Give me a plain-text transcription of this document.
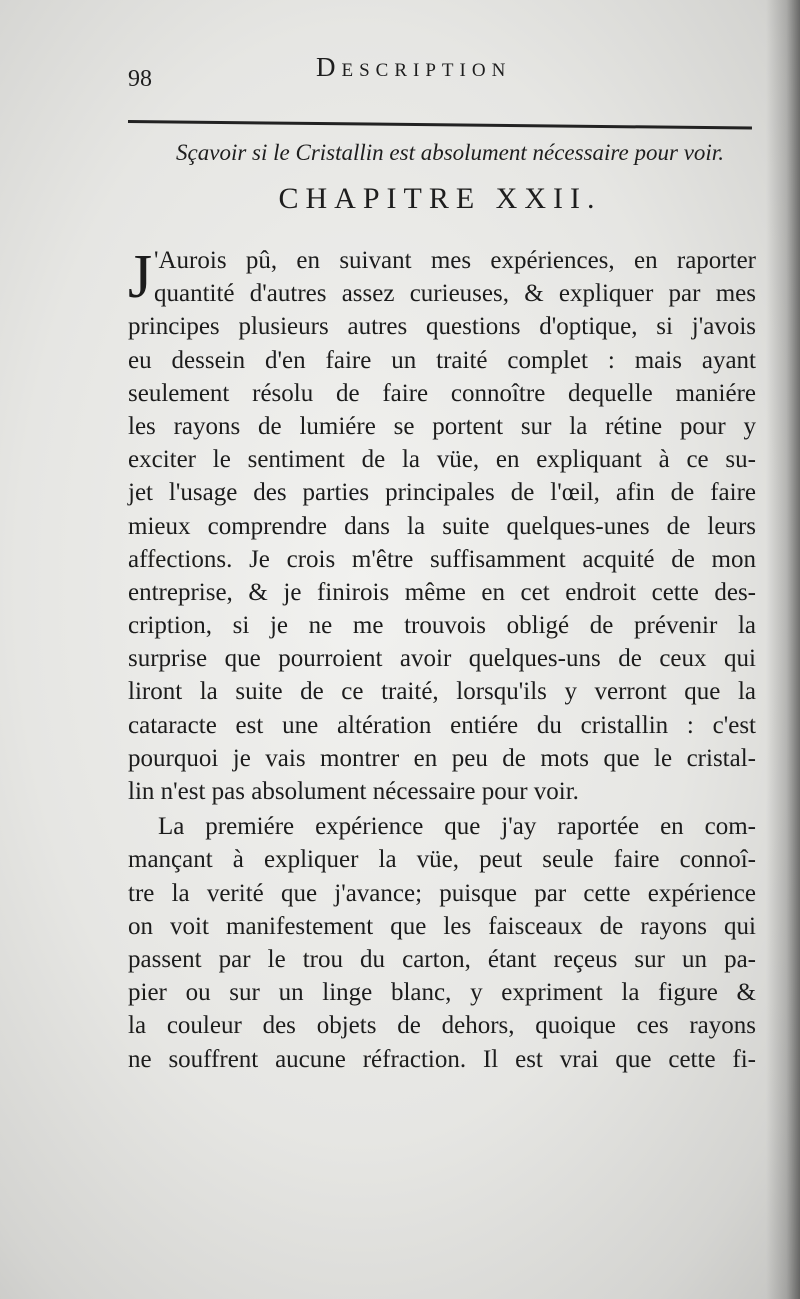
98	Description
Sçavoir si le Cristallin est absolument nécessaire pour voir.
CHAPITRE XXII.
J 'Aurois pû, en suivant mes expériences, en raporter
quantité d'autres assez curieuses, & expliquer par mes
principes plusieurs autres questions d'optique, si j'avois
eu dessein d'en faire un traité complet : mais ayant
seulement résolu de faire connoître dequelle maniére
les rayons de lumiére se portent sur la rétine pour y
exciter le sentiment de la vüe, en expliquant à ce su-
jet l'usage des parties principales de l'œil, afin de faire
mieux comprendre dans la suite quelques-unes de leurs
affections. Je crois m'être suffisamment acquité de mon
entreprise, & je finirois même en cet endroit cette des-
cription, si je ne me trouvois obligé de prévenir la
surprise que pourroient avoir quelques-uns de ceux qui
liront la suite de ce traité, lorsqu'ils y verront que la
cataracte est une altération entiére du cristallin : c'est
pourquoi je vais montrer en peu de mots que le cristal-
lin n'est pas absolument nécessaire pour voir.
La premiére expérience que j'ay raportée en com-
mançant à expliquer la vüe, peut seule faire connoî-
tre la verité que j'avance; puisque par cette expérience
on voit manifestement que les faisceaux de rayons qui
passent par le trou du carton, étant reçeus sur un pa-
pier ou sur un linge blanc, y expriment la figure &
la couleur des objets de dehors, quoique ces rayons
ne souffrent aucune réfraction. Il est vrai que cette fi-
